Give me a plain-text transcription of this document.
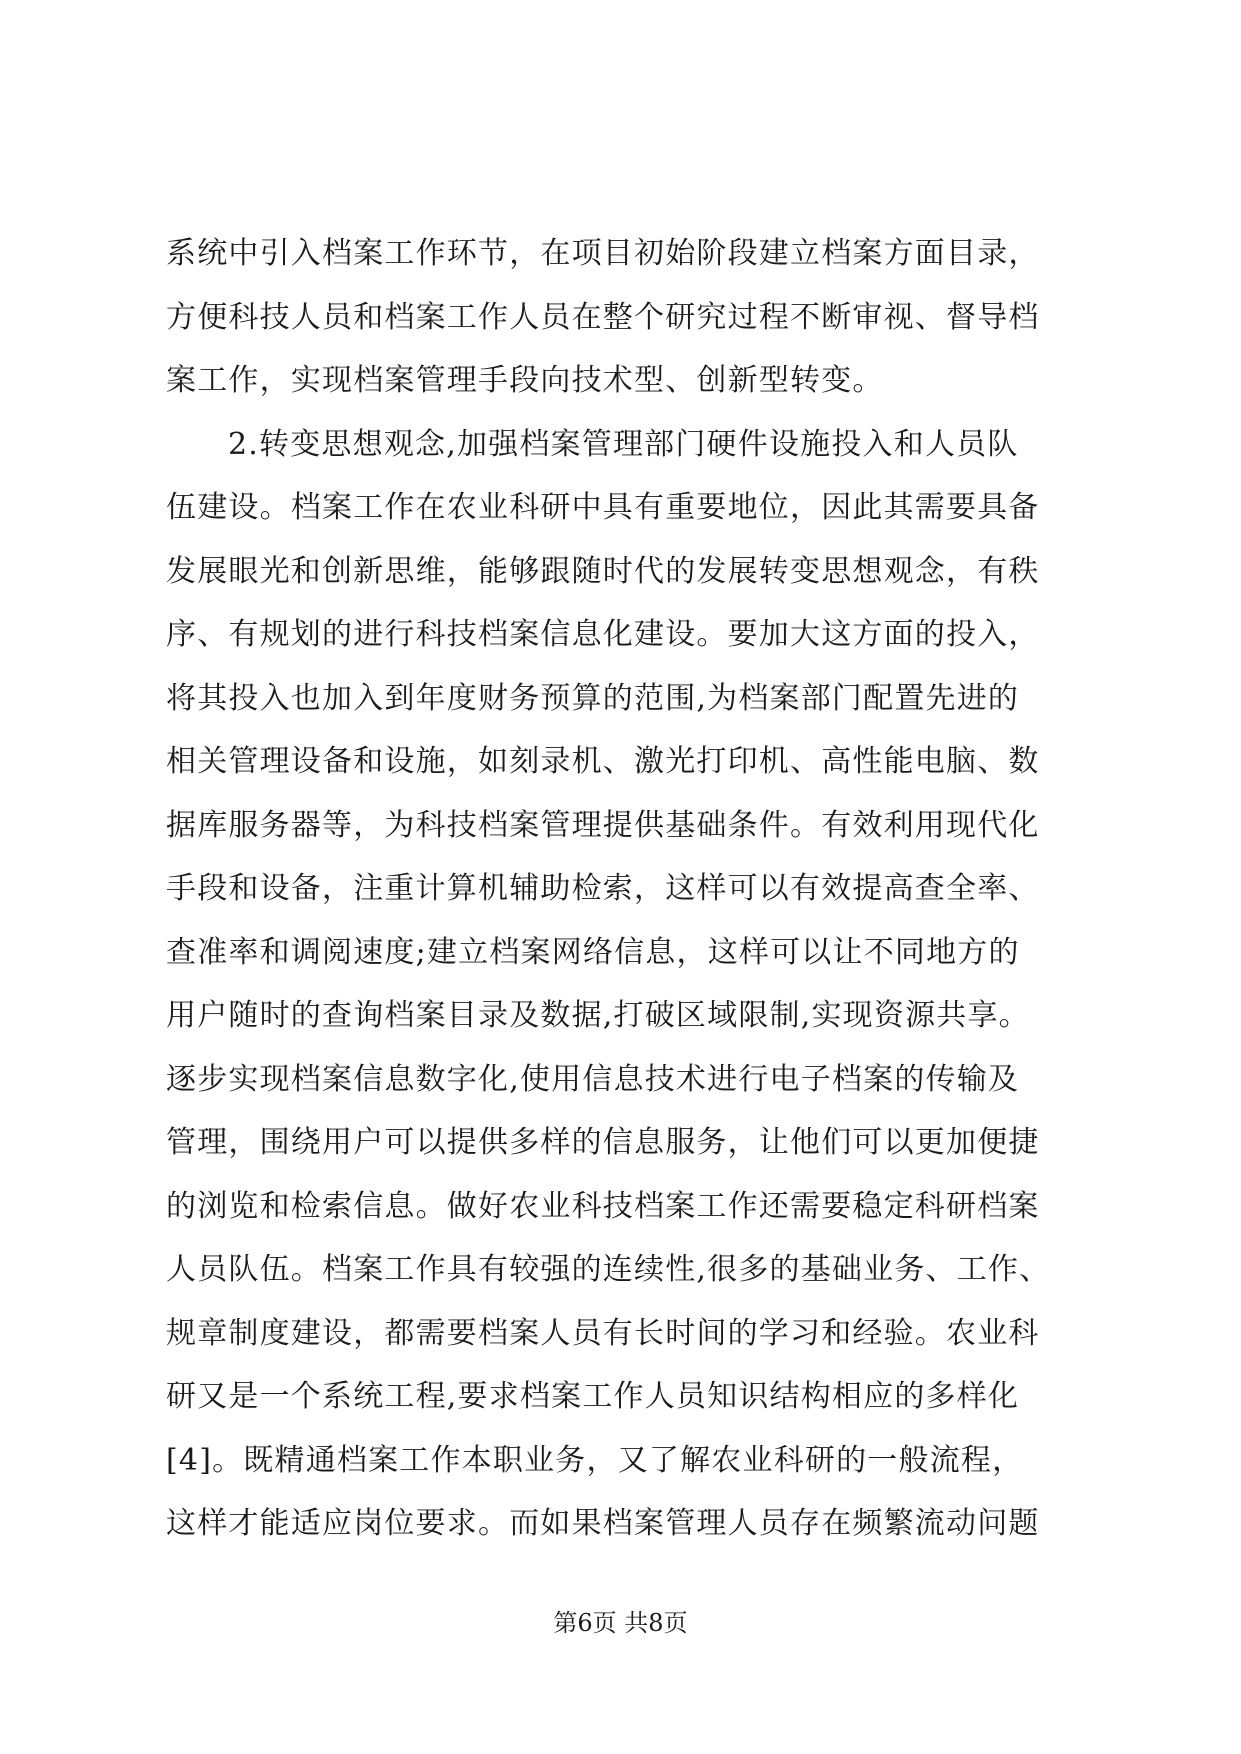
系统中引入档案工作环节，在项目初始阶段建立档案方面目录，
方便科技人员和档案工作人员在整个研究过程不断审视、督导档
案工作，实现档案管理手段向技术型、创新型转变。
2.转变思想观念,加强档案管理部门硬件设施投入和人员队
伍建设。档案工作在农业科研中具有重要地位，因此其需要具备
发展眼光和创新思维，能够跟随时代的发展转变思想观念，有秩
序、有规划的进行科技档案信息化建设。要加大这方面的投入，
将其投入也加入到年度财务预算的范围,为档案部门配置先进的
相关管理设备和设施，如刻录机、激光打印机、高性能电脑、数
据库服务器等，为科技档案管理提供基础条件。有效利用现代化
手段和设备，注重计算机辅助检索，这样可以有效提高查全率、
查准率和调阅速度;建立档案网络信息，这样可以让不同地方的
用户随时的查询档案目录及数据,打破区域限制,实现资源共享。
逐步实现档案信息数字化,使用信息技术进行电子档案的传输及
管理，围绕用户可以提供多样的信息服务，让他们可以更加便捷
的浏览和检索信息。做好农业科技档案工作还需要稳定科研档案
人员队伍。档案工作具有较强的连续性,很多的基础业务、工作、
规章制度建设，都需要档案人员有长时间的学习和经验。农业科
研又是一个系统工程,要求档案工作人员知识结构相应的多样化
[4]。既精通档案工作本职业务，又了解农业科研的一般流程，
这样才能适应岗位要求。而如果档案管理人员存在频繁流动问题
第6页 共8页
